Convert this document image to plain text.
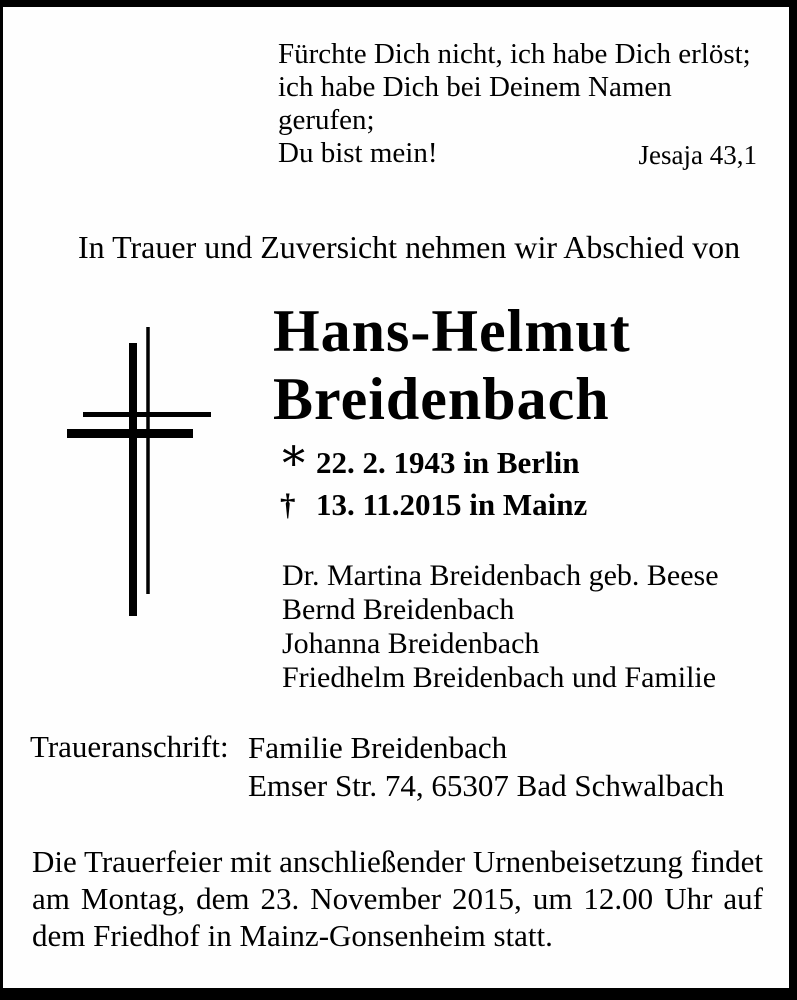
Fürchte Dich nicht, ich habe Dich erlöst;
ich habe Dich bei Deinem Namen gerufen;
Du bist mein!	Jesaja 43,1
In Trauer und Zuversicht nehmen wir Abschied von
Hans-Helmut
Breidenbach
∗ 22. 2. 1943 in Berlin
† 13. 11.2015 in Mainz
Dr. Martina Breidenbach geb. Beese
Bernd Breidenbach
Johanna Breidenbach
Friedhelm Breidenbach und Familie
Traueranschrift: Familie Breidenbach
Emser Str. 74, 65307 Bad Schwalbach
Die Trauerfeier mit anschließender Urnenbeisetzung findet
am Montag, dem 23. November 2015, um 12.00 Uhr auf
dem Friedhof in Mainz-Gonsenheim statt.
